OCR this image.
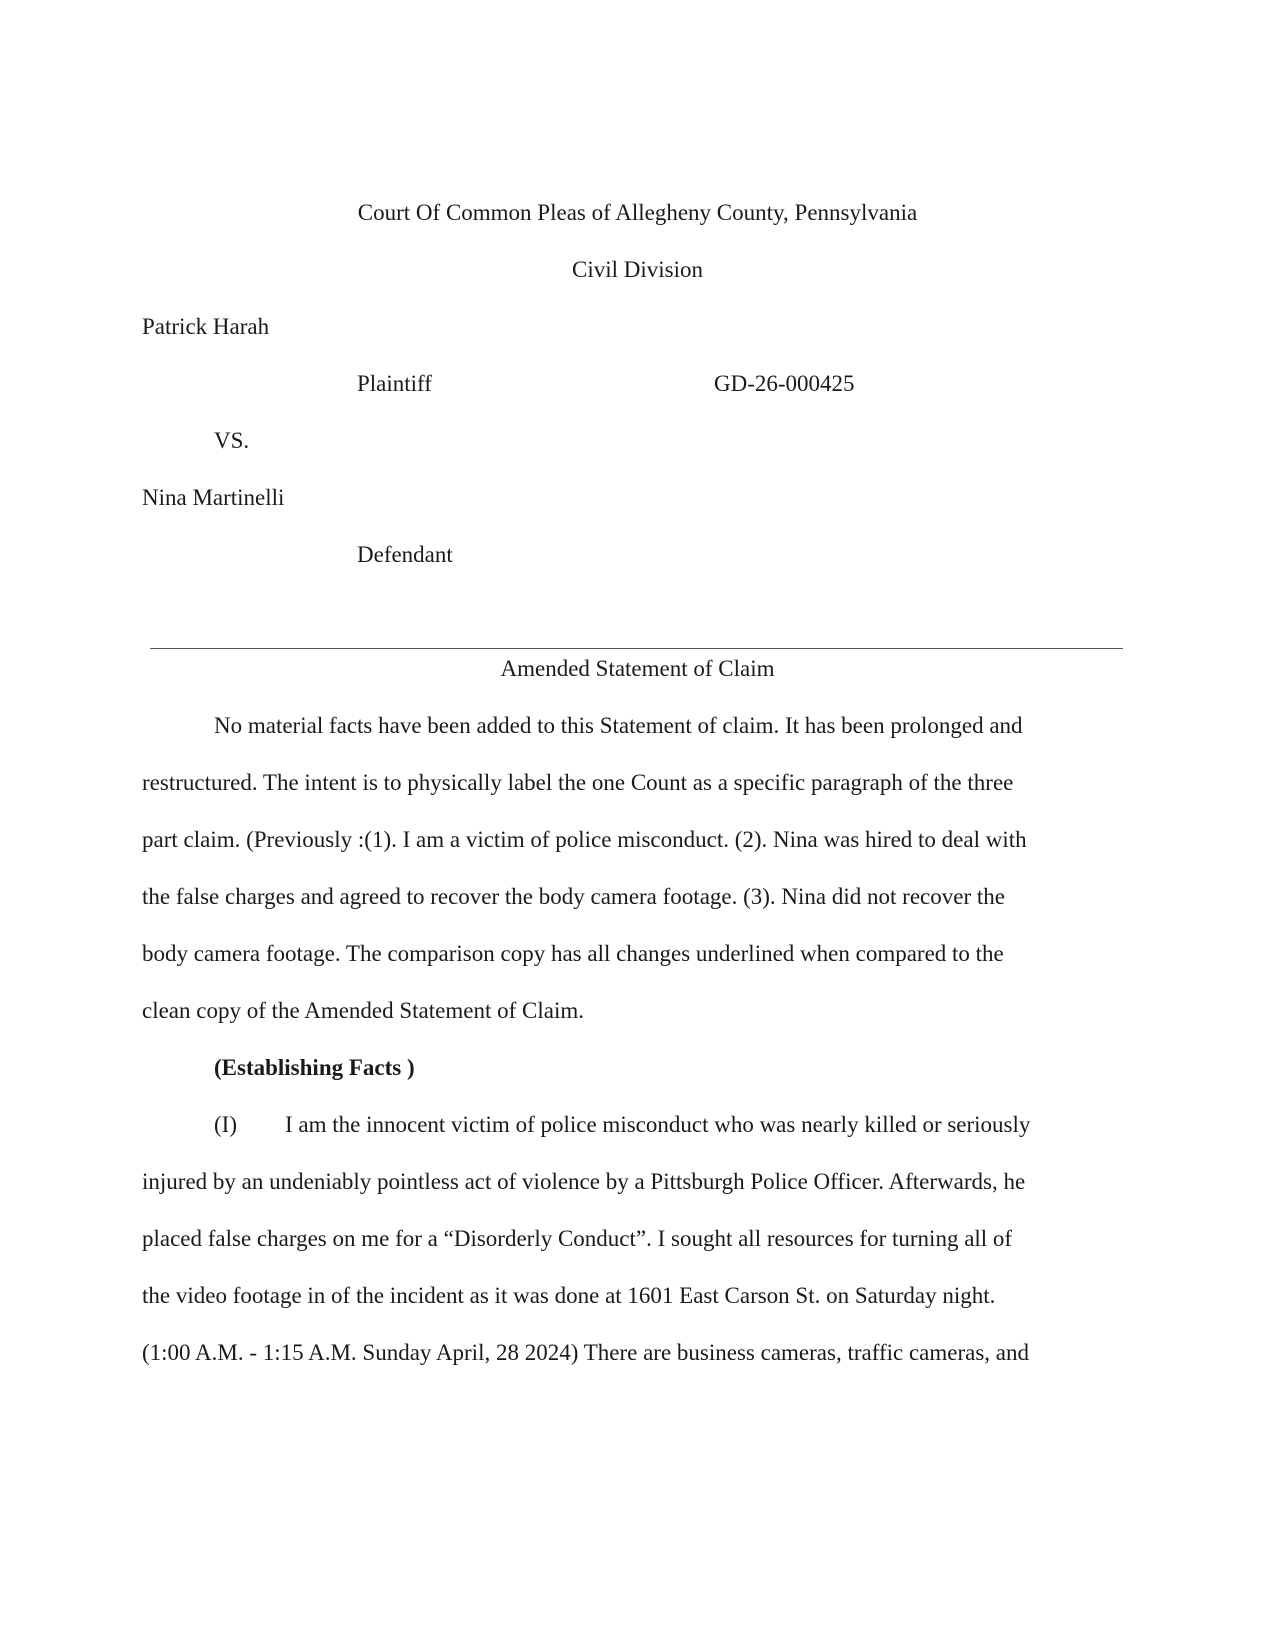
Court Of Common Pleas of Allegheny County, Pennsylvania
Civil Division
Patrick Harah
Plaintiff	GD-26-000425
VS.
Nina Martinelli
Defendant
Amended Statement of Claim
No material facts have been added to this Statement of claim. It has been prolonged and
restructured. The intent is to physically label the one Count as a specific paragraph of the three
part claim. (Previously :(1). I am a victim of police misconduct. (2). Nina was hired to deal with
the false charges and agreed to recover the body camera footage. (3). Nina did not recover the
body camera footage. The comparison copy has all changes underlined when compared to the
clean copy of the Amended Statement of Claim.
(Establishing Facts )
(I) I am the innocent victim of police misconduct who was nearly killed or seriously
injured by an undeniably pointless act of violence by a Pittsburgh Police Officer. Afterwards, he
placed false charges on me for a “Disorderly Conduct”. I sought all resources for turning all of
the video footage in of the incident as it was done at 1601 East Carson St. on Saturday night.
(1:00 A.M. - 1:15 A.M. Sunday April, 28 2024) There are business cameras, traffic cameras, and
